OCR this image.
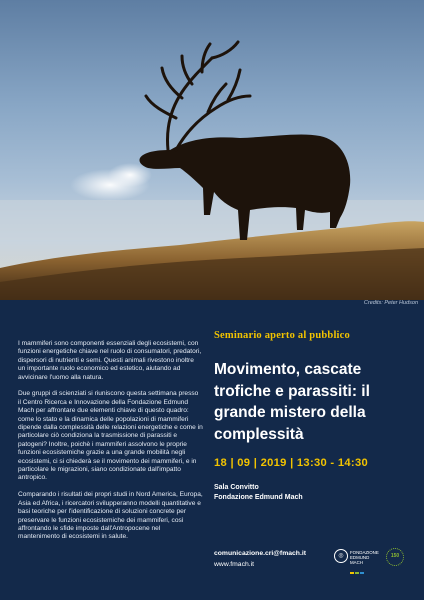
Credits: Peter Hudson

I mammiferi sono componenti essenziali degli ecosistemi, con funzioni energetiche chiave nel ruolo di consumatori, predatori, dispersori di nutrienti e semi. Questi animali rivestono inoltre un importante ruolo economico ed estetico, aiutando ad avvicinare l'uomo alla natura.

Due gruppi di scienziati si riuniscono questa settimana presso il Centro Ricerca e Innovazione della Fondazione Edmund Mach per affrontare due elementi chiave di questo quadro: come lo stato e la dinamica delle popolazioni di mammiferi dipende dalla complessità delle relazioni energetiche e come in particolare ciò condiziona la trasmissione di parassiti e patogeni? Inoltre, poichè i mammiferi assolvono le proprie funzioni ecosistemiche grazie a una grande mobilità negli ecosistemi, ci si chiederà se il movimento dei mammiferi, e in particolare le migrazioni, siano condizionate dall'impatto antropico.

Comparando i risultati dei propri studi in Nord America, Europa, Asia ed Africa, i ricercatori svilupperanno modelli quantitative e basi teoriche per l'identificazione di soluzioni concrete per preservare le funzioni ecosistemiche dei mammiferi, così affrontando le sfide imposte dall'Antropocene nel mantenimento di ecosistemi in salute.

Seminario aperto al pubblico
Movimento, cascate trofiche e parassiti: il grande mistero della complessità
18 | 09 | 2019 | 13:30 - 14:30
Sala Convitto
Fondazione Edmund Mach
comunicazione.cri@fmach.it
www.fmach.it
◎
FONDAZIONE
EDMUND
MACH
150
